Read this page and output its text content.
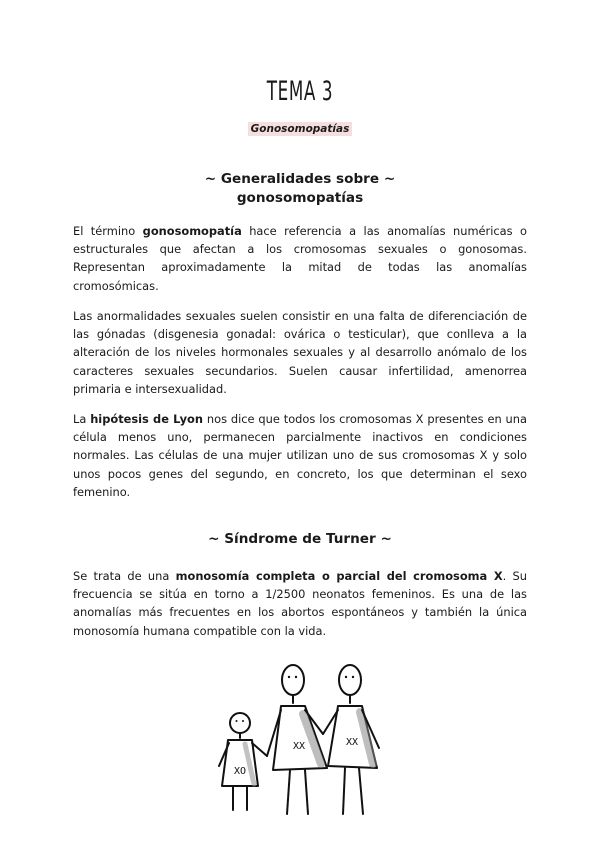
TEMA 3
Gonosomopatías
~ Generalidades sobre ~
gonosomopatías
El término gonosomopatía hace referencia a las anomalías numéricas o estructurales que afectan a los cromosomas sexuales o gonosomas. Representan aproximadamente la mitad de todas las anomalías cromosómicas.
Las anormalidades sexuales suelen consistir en una falta de diferenciación de las gónadas (disgenesia gonadal: ovárica o testicular), que conlleva a la alteración de los niveles hormonales sexuales y al desarrollo anómalo de los caracteres sexuales secundarios. Suelen causar infertilidad, amenorrea primaria e intersexualidad.
La hipótesis de Lyon nos dice que todos los cromosomas X presentes en una célula menos uno, permanecen parcialmente inactivos en condiciones normales. Las células de una mujer utilizan uno de sus cromosomas X y solo unos pocos genes del segundo, en concreto, los que determinan el sexo femenino.
~ Síndrome de Turner ~
Se trata de una monosomía completa o parcial del cromosoma X. Su frecuencia se sitúa en torno a 1/2500 neonatos femeninos. Es una de las anomalías más frecuentes en los abortos espontáneos y también la única monosomía humana compatible con la vida.
XO
XX	XX
